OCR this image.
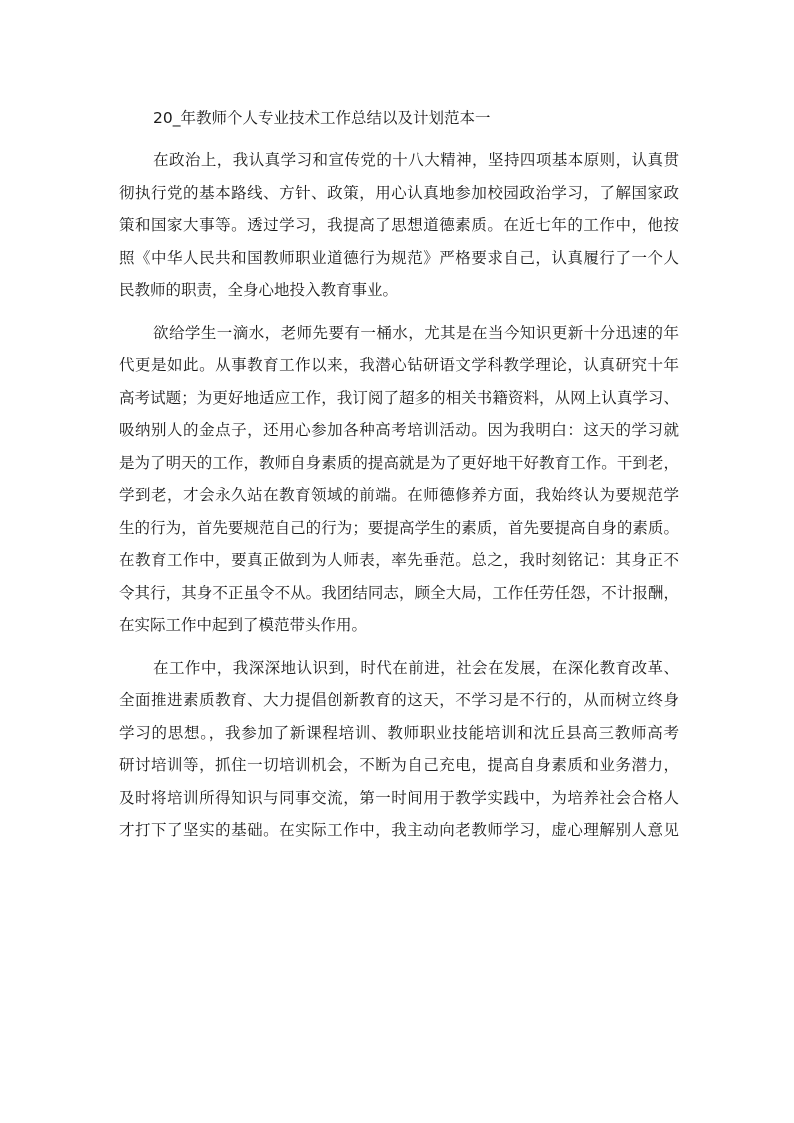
20_年教师个人专业技术工作总结以及计划范本一
在政治上，我认真学习和宣传党的十八大精神，坚持四项基本原则，认真贯
彻执行党的基本路线、方针、政策，用心认真地参加校园政治学习，了解国家政
策和国家大事等。透过学习，我提高了思想道德素质。在近七年的工作中，他按
照《中华人民共和国教师职业道德行为规范》严格要求自己，认真履行了一个人
民教师的职责，全身心地投入教育事业。
欲给学生一滴水，老师先要有一桶水，尤其是在当今知识更新十分迅速的年
代更是如此。从事教育工作以来，我潜心钻研语文学科教学理论，认真研究十年
高考试题；为更好地适应工作，我订阅了超多的相关书籍资料，从网上认真学习、
吸纳别人的金点子，还用心参加各种高考培训活动。因为我明白：这天的学习就
是为了明天的工作，教师自身素质的提高就是为了更好地干好教育工作。干到老，
学到老，才会永久站在教育领域的前端。在师德修养方面，我始终认为要规范学
生的行为，首先要规范自己的行为；要提高学生的素质，首先要提高自身的素质。
在教育工作中，要真正做到为人师表，率先垂范。总之，我时刻铭记：其身正不
令其行，其身不正虽令不从。我团结同志，顾全大局，工作任劳任怨，不计报酬，
在实际工作中起到了模范带头作用。
在工作中，我深深地认识到，时代在前进，社会在发展，在深化教育改革、
全面推进素质教育、大力提倡创新教育的这天，不学习是不行的，从而树立终身
学习的思想。，我参加了新课程培训、教师职业技能培训和沈丘县高三教师高考
研讨培训等，抓住一切培训机会，不断为自己充电，提高自身素质和业务潜力，
及时将培训所得知识与同事交流，第一时间用于教学实践中，为培养社会合格人
才打下了坚实的基础。在实际工作中，我主动向老教师学习，虚心理解别人意见
